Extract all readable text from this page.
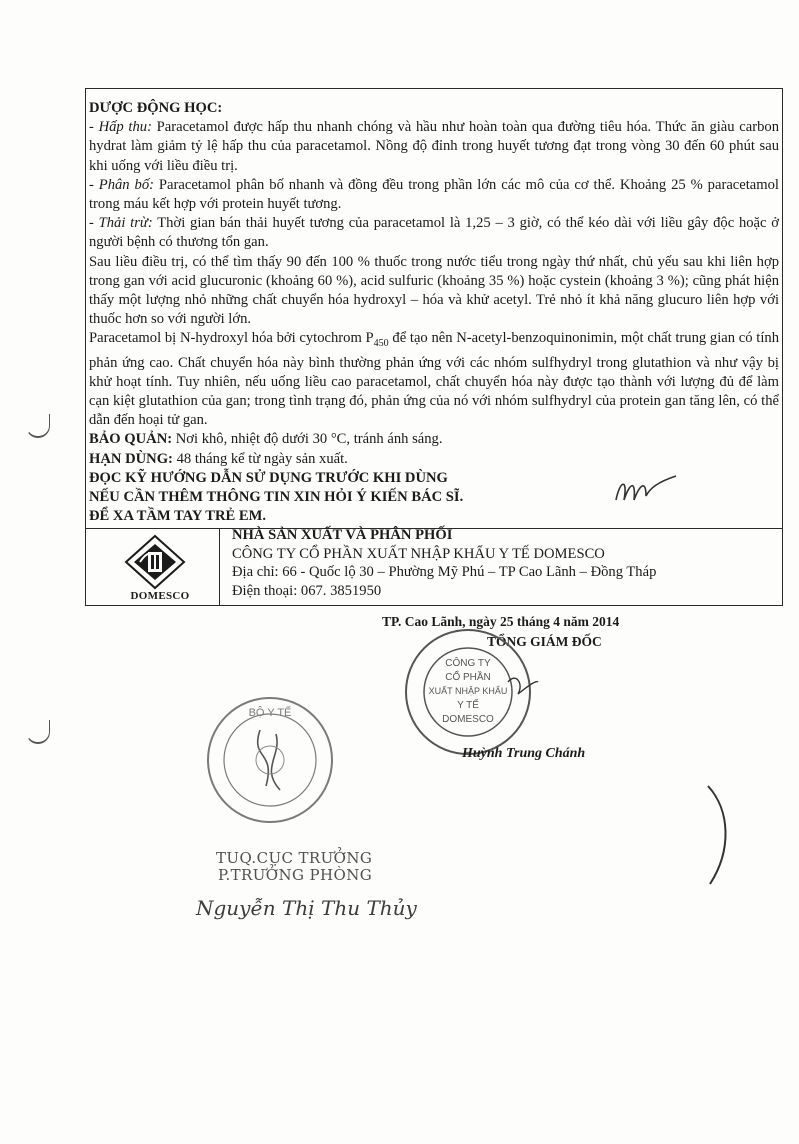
DƯỢC ĐỘNG HỌC:

- Hấp thu: Paracetamol được hấp thu nhanh chóng và hầu như hoàn toàn qua đường tiêu hóa. Thức ăn giàu carbon hydrat làm giảm tỷ lệ hấp thu của paracetamol. Nồng độ đỉnh trong huyết tương đạt trong vòng 30 đến 60 phút sau khi uống với liều điều trị.

- Phân bố: Paracetamol phân bố nhanh và đồng đều trong phần lớn các mô của cơ thể. Khoảng 25 % paracetamol trong máu kết hợp với protein huyết tương.

- Thải trừ: Thời gian bán thải huyết tương của paracetamol là 1,25 – 3 giờ, có thể kéo dài với liều gây độc hoặc ở người bệnh có thương tổn gan.

Sau liều điều trị, có thể tìm thấy 90 đến 100 % thuốc trong nước tiểu trong ngày thứ nhất, chủ yếu sau khi liên hợp trong gan với acid glucuronic (khoảng 60 %), acid sulfuric (khoảng 35 %) hoặc cystein (khoảng 3 %); cũng phát hiện thấy một lượng nhỏ những chất chuyển hóa hydroxyl – hóa và khử acetyl. Trẻ nhỏ ít khả năng glucuro liên hợp với thuốc hơn so với người lớn.

Paracetamol bị N-hydroxyl hóa bởi cytochrom $P_{450}$ để tạo nên N-acetyl-benzoquinonimin, một chất trung gian có tính phản ứng cao. Chất chuyển hóa này bình thường phản ứng với các nhóm sulfhydryl trong glutathion và như vậy bị khử hoạt tính. Tuy nhiên, nếu uống liều cao paracetamol, chất chuyển hóa này được tạo thành với lượng đủ để làm cạn kiệt glutathion của gan; trong tình trạng đó, phản ứng của nó với nhóm sulfhydryl của protein gan tăng lên, có thể dẫn đến hoại tử gan.

BẢO QUẢN: Nơi khô, nhiệt độ dưới 30 °C, tránh ánh sáng.

HẠN DÙNG: 48 tháng kể từ ngày sản xuất.

ĐỌC KỸ HƯỚNG DẪN SỬ DỤNG TRƯỚC KHI DÙNG

NẾU CẦN THÊM THÔNG TIN XIN HỎI Ý KIẾN BÁC SĨ.

ĐỂ XA TẦM TAY TRẺ EM.

DOMESCO
NHÀ SẢN XUẤT VÀ PHÂN PHỐI
CÔNG TY CỔ PHẦN XUẤT NHẬP KHẨU Y TẾ DOMESCO
Địa chỉ: 66 - Quốc lộ 30 – Phường Mỹ Phú – TP Cao Lãnh – Đồng Tháp
Điện thoại: 067. 3851950
TP. Cao Lãnh, ngày 25 tháng 4 năm 2014
TỔNG GIÁM ĐỐC
CÔNG TY
CỔ PHẦN
XUẤT NHẬP KHẨU
Y TẾ
DOMESCO
Huỳnh Trung Chánh
BỘ Y TẾ
TUQ.CỤC TRƯỞNG
P.TRƯỞNG PHÒNG
Nguyễn Thị Thu Thủy
